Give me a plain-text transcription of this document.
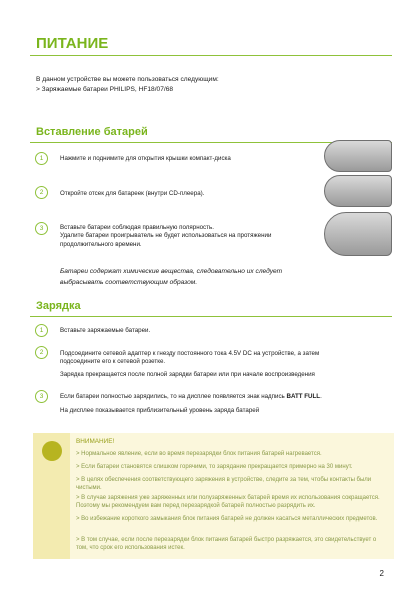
ПИТАНИЕ
В данном устройстве вы можете пользоваться следующим:
> Заряжаемые батареи PHILIPS, HF18/07/68
Вставление батарей
1	Нажмите и поднимите для открытия крышки компакт-диска
2	Откройте отсек для батареек (внутри CD-плеера).
3	Вставьте батареи соблюдая правильную полярность.
Удалите батареи проигрыватель не будет использоваться на протяжении продолжительного времени.
Батареи содержат химические вещества, следовательно их следует
выбрасывать соответствующим образом.
Зарядка
1	Вставьте заряжаемые батареи.
2	Подсоедините сетевой адаптер к гнезду постоянного тока 4.5V DC на устройстве, а затем подсоедините его к сетевой розетке.
Зарядка прекращается после полной зарядки батареи или при начале воспроизведения
3	Если батареи полностью зарядились, то на дисплее появляется знак надпись BATT FULL.
На дисплее показывается приблизительный уровень заряда батарей
ВНИМАНИЕ!
> Нормальное явление, если во время перезарядки блок питания батарей нагревается.
> Если батареи становятся слишком горячими, то зарядание прекращается примерно на 30 минут.
> В целях обеспечения соответствующего заряжения в устройстве, следите за тем, чтобы контакты были чистыми.
> В случае заряжения уже заряженных или полузаряженных батарей время их использования сокращается. Поэтому мы рекомендуем вам перед перезарядкой батарей полностью разрядить их.
> Во избежание короткого замыкания блок питания батарей не должен касаться металлических предметов.
> В том случае, если после перезарядки блок питания батарей быстро разряжается, это свидетельствует о том, что срок его использования истек.
2
